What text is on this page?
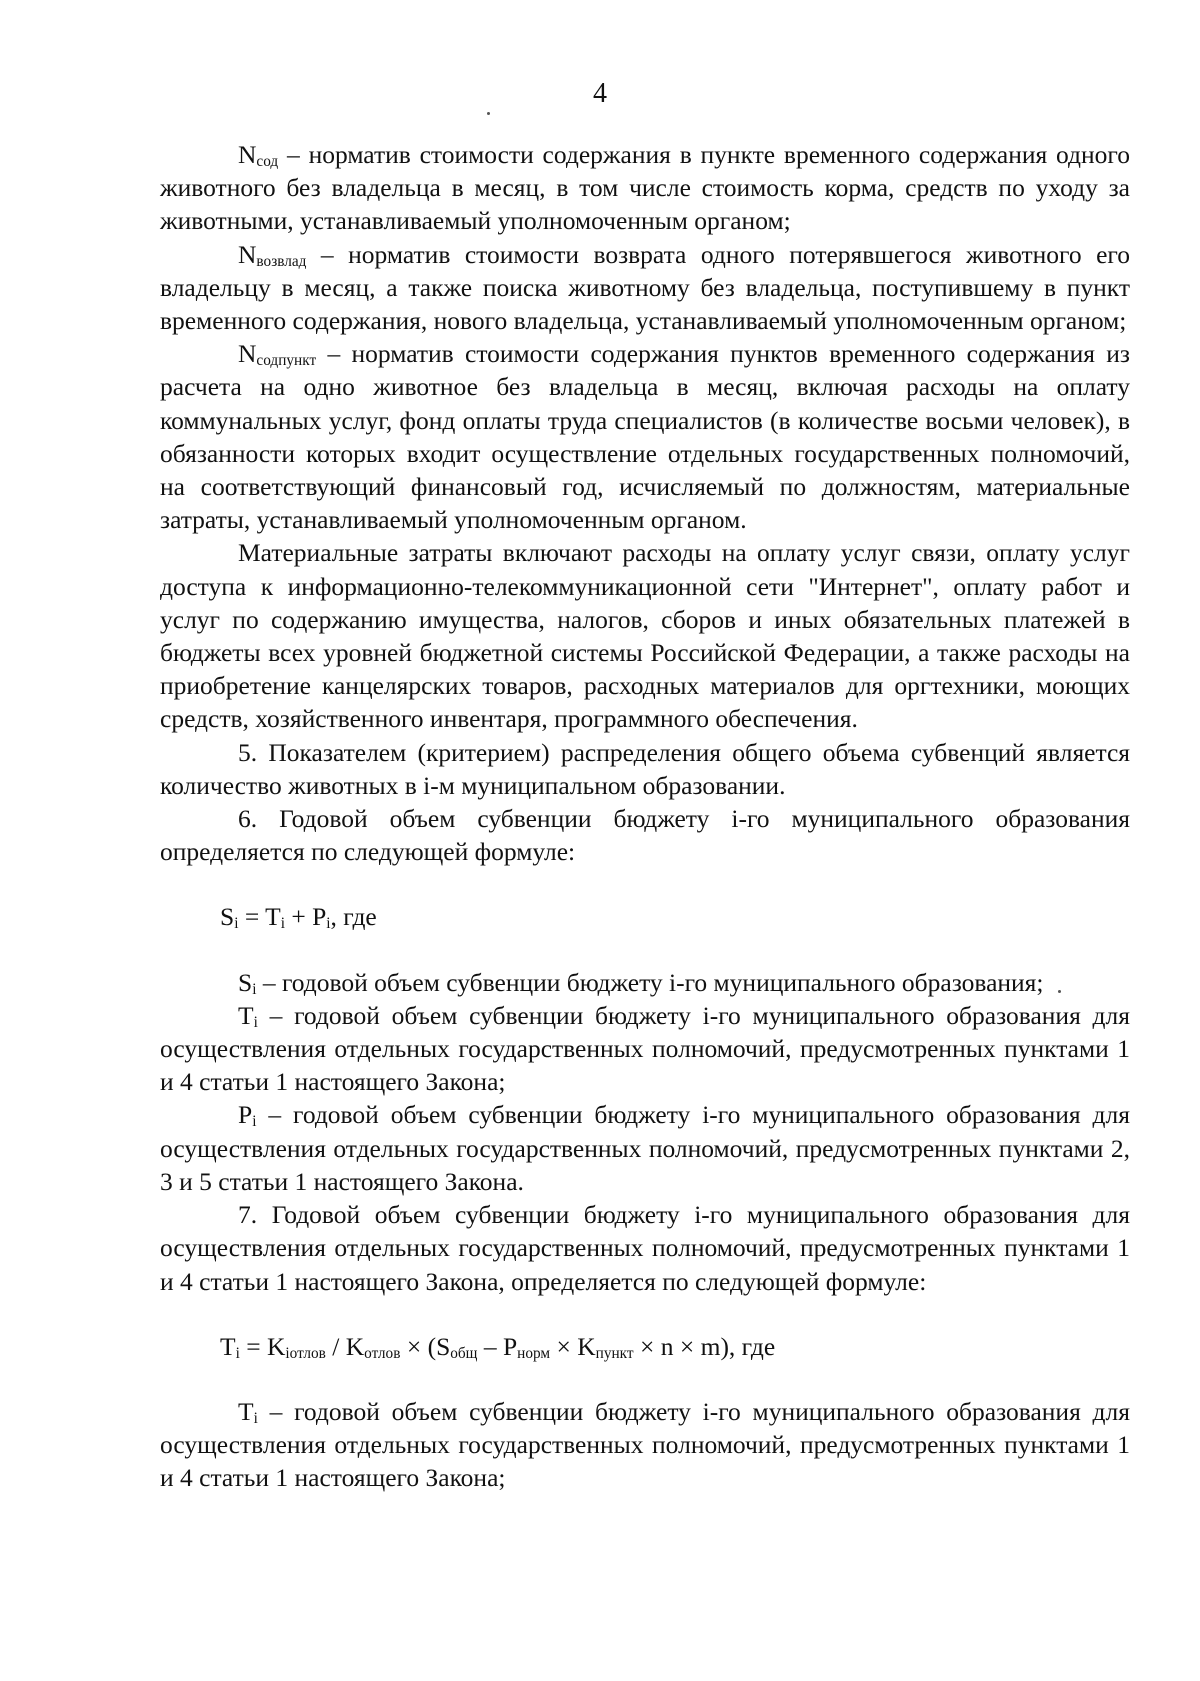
4

$N_{сод}$ – норматив стоимости содержания в пункте временного содержания одного животного без владельца в месяц, в том числе стоимость корма, средств по уходу за животными, устанавливаемый уполномоченным органом;

$N_{возвлад}$ – норматив стоимости возврата одного потерявшегося животного его владельцу в месяц, а также поиска животному без владельца, поступившему в пункт временного содержания, нового владельца, устанавливаемый уполномоченным органом;

$N_{содпункт}$ – норматив стоимости содержания пунктов временного содержания из расчета на одно животное без владельца в месяц, включая расходы на оплату коммунальных услуг, фонд оплаты труда специалистов (в количестве восьми человек), в обязанности которых входит осуществление отдельных государственных полномочий, на соответствующий финансовый год, исчисляемый по должностям, материальные затраты, устанавливаемый уполномоченным органом.

Материальные затраты включают расходы на оплату услуг связи, оплату услуг доступа к информационно-телекоммуникационной сети "Интернет", оплату работ и услуг по содержанию имущества, налогов, сборов и иных обязательных платежей в бюджеты всех уровней бюджетной системы Российской Федерации, а также расходы на приобретение канцелярских товаров, расходных материалов для оргтехники, моющих средств, хозяйственного инвентаря, программного обеспечения.

5. Показателем (критерием) распределения общего объема субвенций является количество животных в i-м муниципальном образовании.

6. Годовой объем субвенции бюджету i-го муниципального образования определяется по следующей формуле:

$S_i = T_i + P_i$, где

$S_i$ – годовой объем субвенции бюджету i-го муниципального образования;

$T_i$ – годовой объем субвенции бюджету i-го муниципального образования для осуществления отдельных государственных полномочий, предусмотренных пунктами 1 и 4 статьи 1 настоящего Закона;

$P_i$ – годовой объем субвенции бюджету i-го муниципального образования для осуществления отдельных государственных полномочий, предусмотренных пунктами 2, 3 и 5 статьи 1 настоящего Закона.

7. Годовой объем субвенции бюджету i-го муниципального образования для осуществления отдельных государственных полномочий, предусмотренных пунктами 1 и 4 статьи 1 настоящего Закона, определяется по следующей формуле:

$T_i = K_{iотлов} / K_{отлов} \times (S_{общ} - P_{норм} \times K_{пункт} \times n \times m)$, где

$T_i$ – годовой объем субвенции бюджету i-го муниципального образования для осуществления отдельных государственных полномочий, предусмотренных пунктами 1 и 4 статьи 1 настоящего Закона;
